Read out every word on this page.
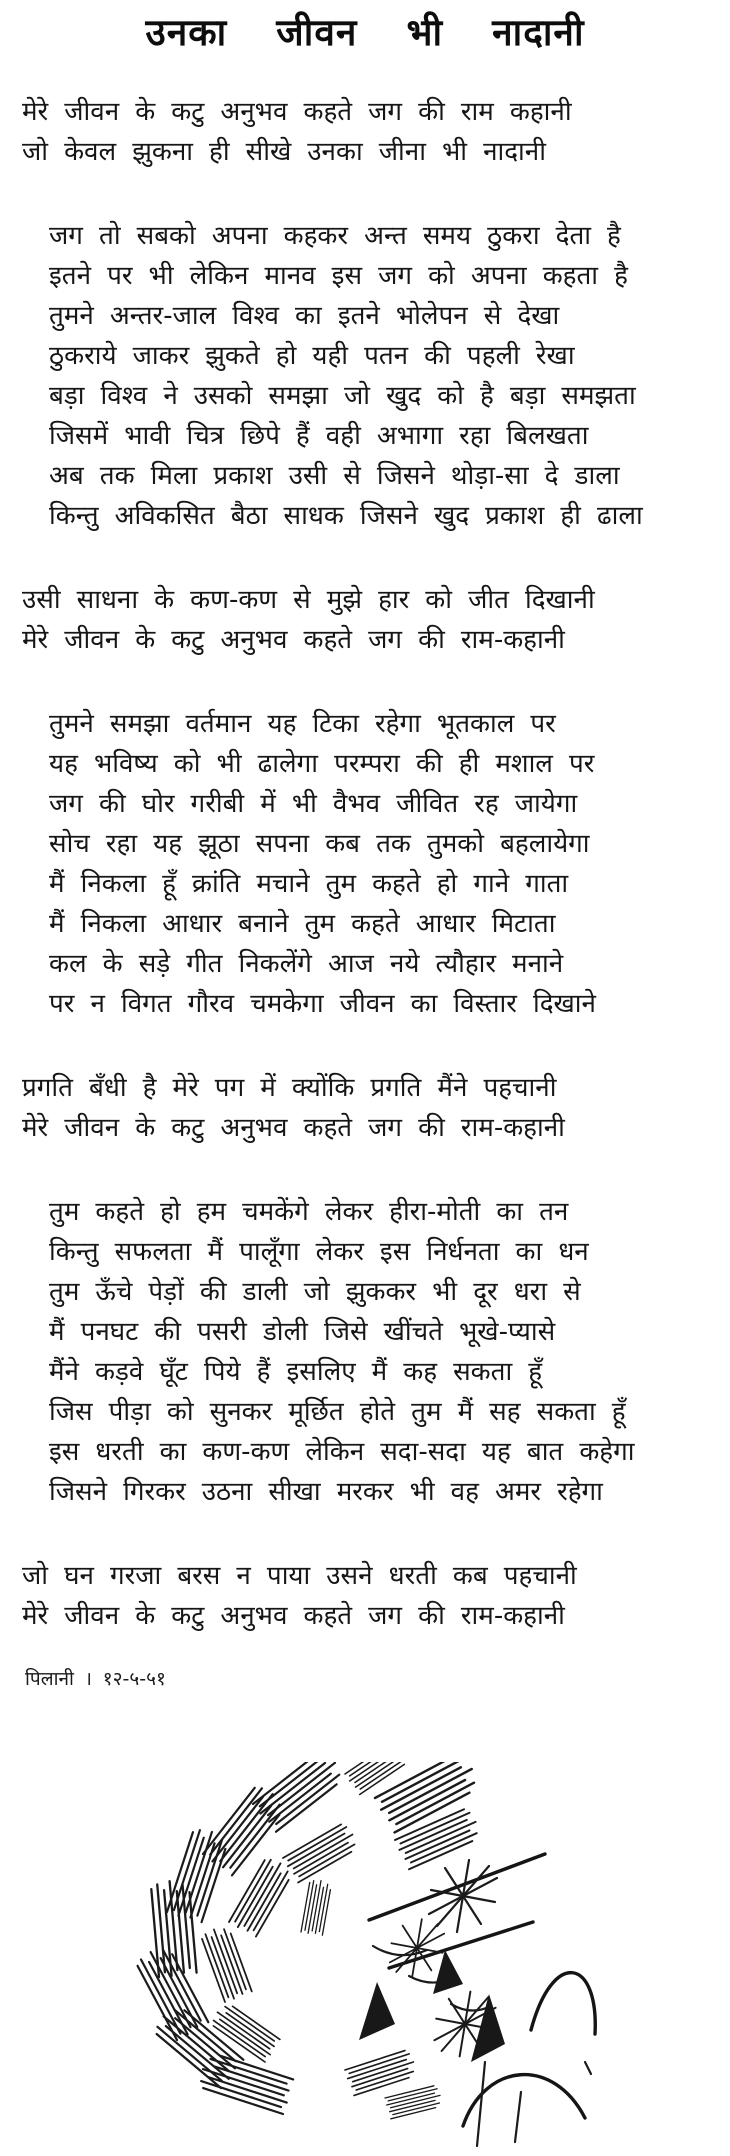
उनका जीवन भी नादानी
मेरे जीवन के कटु अनुभव कहते जग की राम कहानी
जो केवल झुकना ही सीखे उनका जीना भी नादानी
जग तो सबको अपना कहकर अन्त समय ठुकरा देता है
इतने पर भी लेकिन मानव इस जग को अपना कहता है
तुमने अन्तर-जाल विश्व का इतने भोलेपन से देखा
ठुकराये जाकर झुकते हो यही पतन की पहली रेखा
बड़ा विश्व ने उसको समझा जो खुद को है बड़ा समझता
जिसमें भावी चित्र छिपे हैं वही अभागा रहा बिलखता
अब तक मिला प्रकाश उसी से जिसने थोड़ा-सा दे डाला
किन्तु अविकसित बैठा साधक जिसने खुद प्रकाश ही ढाला
उसी साधना के कण-कण से मुझे हार को जीत दिखानी
मेरे जीवन के कटु अनुभव कहते जग की राम-कहानी
तुमने समझा वर्तमान यह टिका रहेगा भूतकाल पर
यह भविष्य को भी ढालेगा परम्परा की ही मशाल पर
जग की घोर गरीबी में भी वैभव जीवित रह जायेगा
सोच रहा यह झूठा सपना कब तक तुमको बहलायेगा
मैं निकला हूँ क्रांति मचाने तुम कहते हो गाने गाता
मैं निकला आधार बनाने तुम कहते आधार मिटाता
कल के सड़े गीत निकलेंगे आज नये त्यौहार मनाने
पर न विगत गौरव चमकेगा जीवन का विस्तार दिखाने
प्रगति बँधी है मेरे पग में क्योंकि प्रगति मैंने पहचानी
मेरे जीवन के कटु अनुभव कहते जग की राम-कहानी
तुम कहते हो हम चमकेंगे लेकर हीरा-मोती का तन
किन्तु सफलता मैं पालूँगा लेकर इस निर्धनता का धन
तुम ऊँचे पेड़ों की डाली जो झुककर भी दूर धरा से
मैं पनघट की पसरी डोली जिसे खींचते भूखे-प्यासे
मैंने कड़वे घूँट पिये हैं इसलिए मैं कह सकता हूँ
जिस पीड़ा को सुनकर मूर्छित होते तुम मैं सह सकता हूँ
इस धरती का कण-कण लेकिन सदा-सदा यह बात कहेगा
जिसने गिरकर उठना सीखा मरकर भी वह अमर रहेगा
जो घन गरजा बरस न पाया उसने धरती कब पहचानी
मेरे जीवन के कटु अनुभव कहते जग की राम-कहानी
पिलानी । १२-५-५१
